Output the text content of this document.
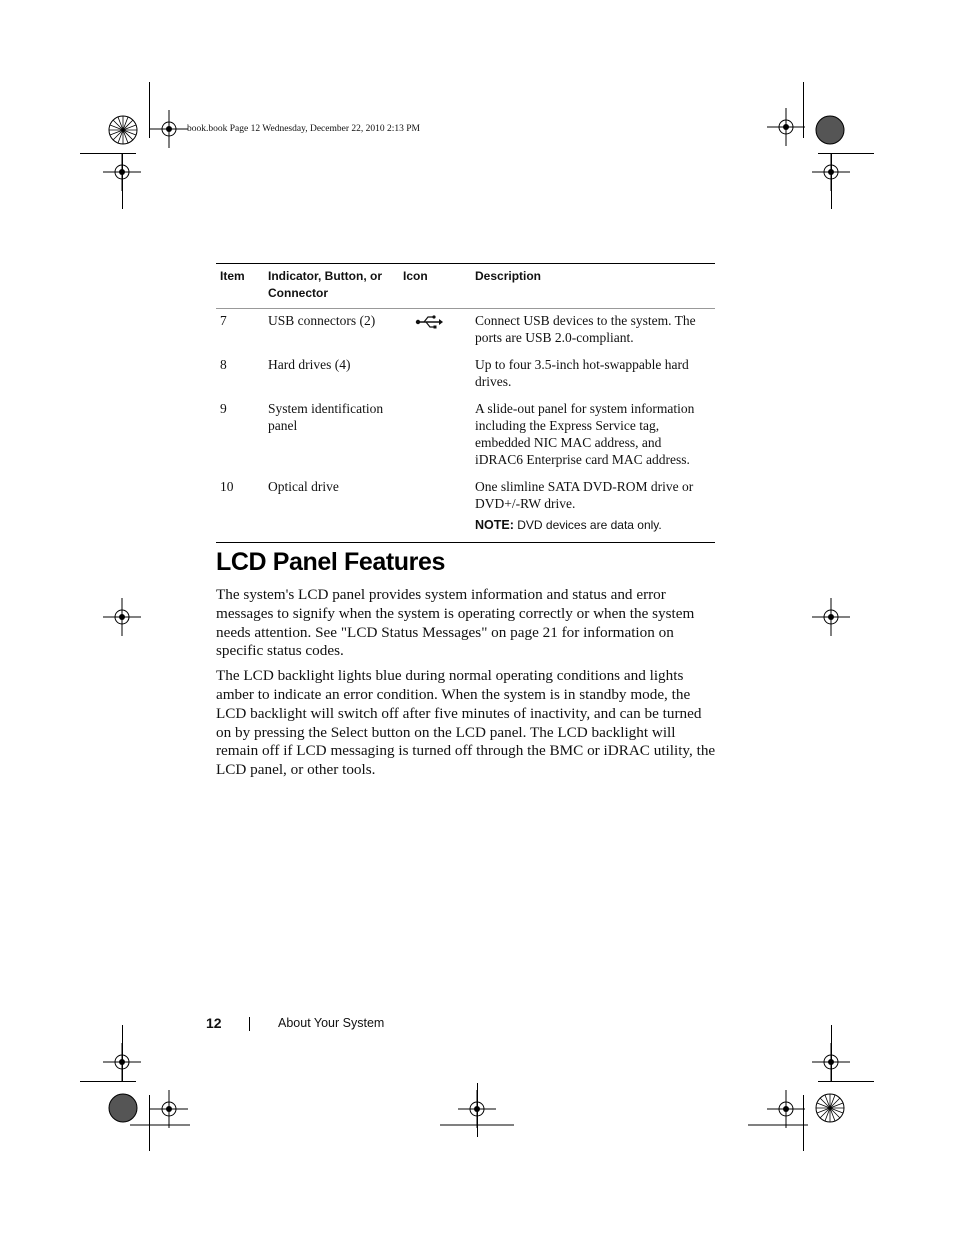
book.book Page 12 Wednesday, December 22, 2010 2:13 PM
Item	Indicator, Button, or Connector	Icon	Description
7	USB connectors (2)		Connect USB devices to the system. The ports are USB 2.0-compliant.
8	Hard drives (4)		Up to four 3.5-inch hot-swappable hard drives.
9	System identification panel		A slide-out panel for system information including the Express Service tag, embedded NIC MAC address, and iDRAC6 Enterprise card MAC address.
10	Optical drive		One slimline SATA DVD-ROM drive or DVD+/-RW drive.
NOTE: DVD devices are data only.
LCD Panel Features

The system's LCD panel provides system information and status and error messages to signify when the system is operating correctly or when the system needs attention. See "LCD Status Messages" on page 21 for information on specific status codes.

The LCD backlight lights blue during normal operating conditions and lights amber to indicate an error condition. When the system is in standby mode, the LCD backlight will switch off after five minutes of inactivity, and can be turned on by pressing the Select button on the LCD panel. The LCD backlight will remain off if LCD messaging is turned off through the BMC or iDRAC utility, the LCD panel, or other tools.

12	About Your System
